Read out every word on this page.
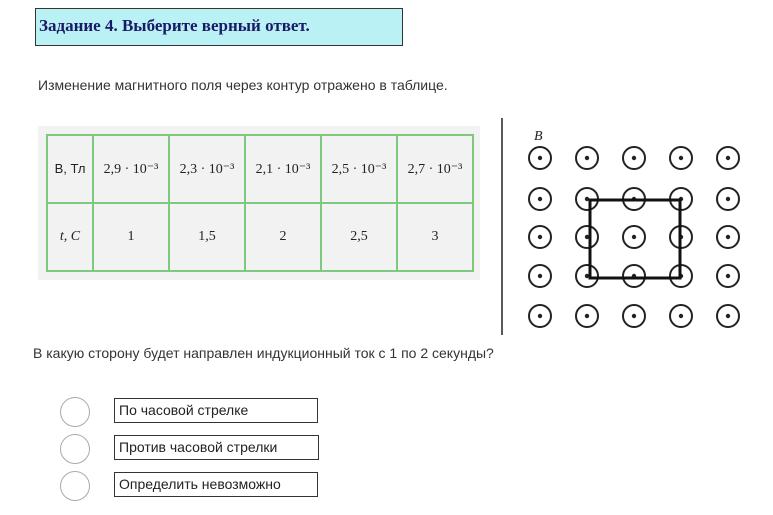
Задание 4. Выберите верный ответ.
Изменение магнитного поля через контур отражено в таблице.
B, Тл	2,9 · 10⁻³	2,3 · 10⁻³	2,1 · 10⁻³	2,5 · 10⁻³	2,7 · 10⁻³
t, C	1	1,5	2	2,5	3
B⃗
В какую сторону будет направлен индукционный ток с 1 по 2 секунды?
По часовой стрелке
Против часовой стрелки
Определить невозможно
